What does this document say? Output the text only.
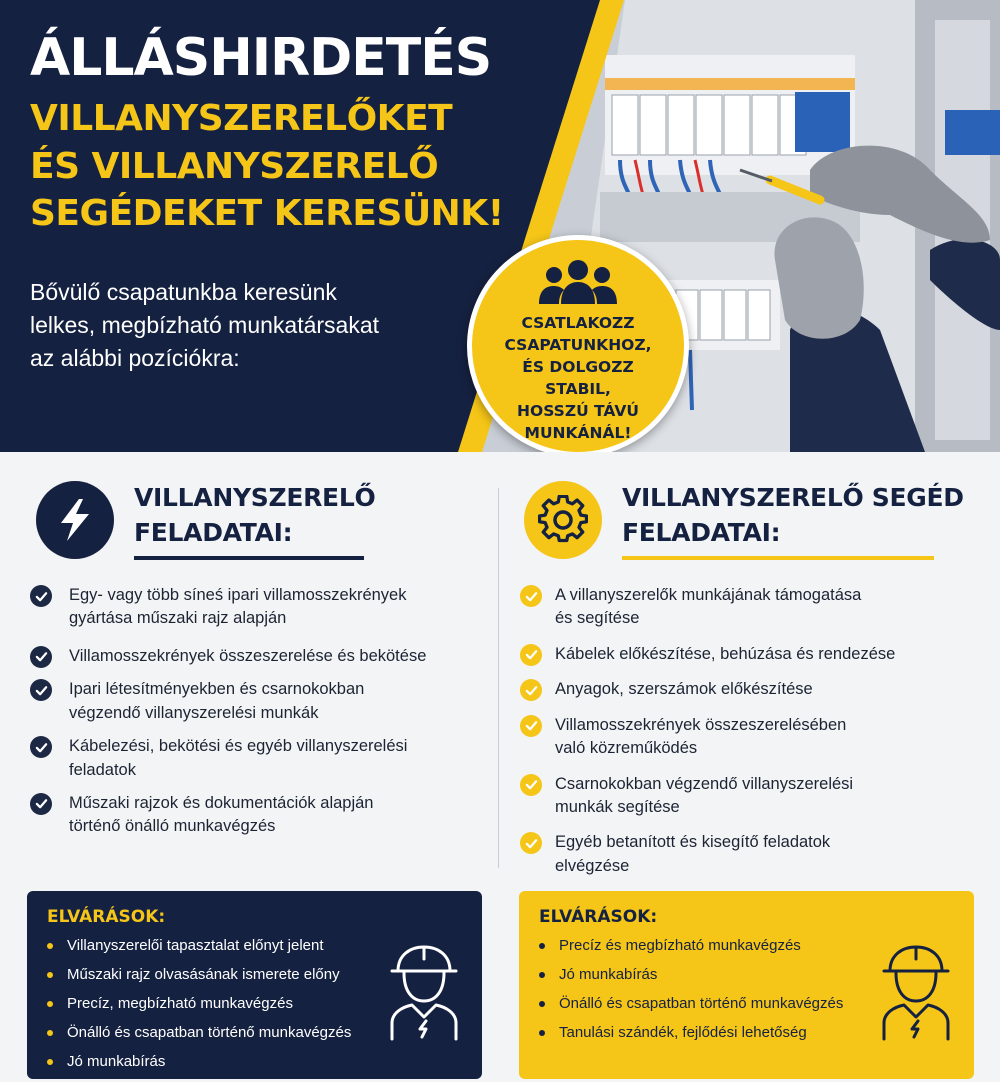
ÁLLÁSHIRDETÉS
VILLANYSZERELŐKET
ÉS VILLANYSZERELŐ
SEGÉDEKET KERESÜNK!
Bővülő csapatunkba keresünk
lelkes, megbízható munkatársakat
az alábbi pozíciókra:
CSATLAKOZZ
CSAPATUNKHOZ,
ÉS DOLGOZZ STABIL,
HOSSZÚ TÁVÚ
MUNKÁNÁL!
VILLANYSZERELŐ
FELADATAI:
Egy- vagy több síneś ipari villamosszekrények
gyártása műszaki rajz alapján
Villamosszekrények összeszerelése és bekötése
Ipari létesítményekben és csarnokokban
végzendő villanyszerelési munkák
Kábelezési, bekötési és egyéb villanyszerelési
feladatok
Műszaki rajzok és dokumentációk alapján
történő önálló munkavégzés
VILLANYSZERELŐ SEGÉD
FELADATAI:
A villanyszerelők munkájának támogatása
és segítése
Kábelek előkészítése, behúzása és rendezése
Anyagok, szerszámok előkészítése
Villamosszekrények összeszerelésében
való közreműködés
Csarnokokban végzendő villanyszerelési
munkák segítése
Egyéb betanított és kisegítő feladatok
elvégzése
ELVÁRÁSOK:
Villanyszerelői tapasztalat előnyt jelent
Műszaki rajz olvasásának ismerete előny
Precíz, megbízható munkavégzés
Önálló és csapatban történő munkavégzés
Jó munkabírás
ELVÁRÁSOK:
Precíz és megbízható munkavégzés
Jó munkabírás
Önálló és csapatban történő munkavégzés
Tanulási szándék, fejlődési lehetőség
